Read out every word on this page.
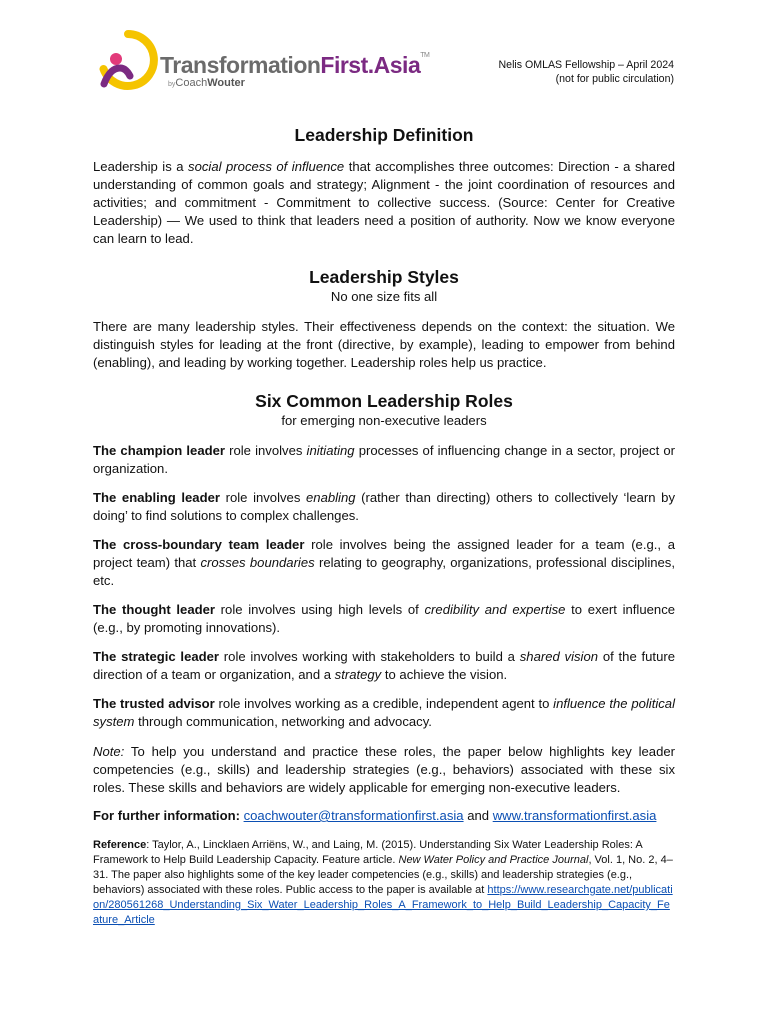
TransformationFirst.Asia™
byCoachWouter
Nelis OMLAS Fellowship – April 2024
(not for public circulation)
Leadership Definition

Leadership is a social process of influence that accomplishes three outcomes: Direction - a shared understanding of common goals and strategy; Alignment - the joint coordination of resources and activities; and commitment - Commitment to collective success. (Source: Center for Creative Leadership) — We used to think that leaders need a position of authority. Now we know everyone can learn to lead.

Leadership Styles
No one size fits all

There are many leadership styles. Their effectiveness depends on the context: the situation. We distinguish styles for leading at the front (directive, by example), leading to empower from behind (enabling), and leading by working together. Leadership roles help us practice.

Six Common Leadership Roles
for emerging non-executive leaders

The champion leader role involves initiating processes of influencing change in a sector, project or organization.

The enabling leader role involves enabling (rather than directing) others to collectively ‘learn by doing’ to find solutions to complex challenges.

The cross-boundary team leader role involves being the assigned leader for a team (e.g., a project team) that crosses boundaries relating to geography, organizations, professional disciplines, etc.

The thought leader role involves using high levels of credibility and expertise to exert influence (e.g., by promoting innovations).

The strategic leader role involves working with stakeholders to build a shared vision of the future direction of a team or organization, and a strategy to achieve the vision.

The trusted advisor role involves working as a credible, independent agent to influence the political system through communication, networking and advocacy.

Note: To help you understand and practice these roles, the paper below highlights key leader competencies (e.g., skills) and leadership strategies (e.g., behaviors) associated with these six roles. These skills and behaviors are widely applicable for emerging non-executive leaders.

For further information: coachwouter@transformationfirst.asia and www.transformationfirst.asia

Reference: Taylor, A., Lincklaen Arriëns, W., and Laing, M. (2015). Understanding Six Water Leadership Roles: A Framework to Help Build Leadership Capacity. Feature article. New Water Policy and Practice Journal, Vol. 1, No. 2, 4–31. The paper also highlights some of the key leader competencies (e.g., skills) and leadership strategies (e.g., behaviors) associated with these roles. Public access to the paper is available at https://www.researchgate.net/publication/280561268_Understanding_Six_Water_Leadership_Roles_A_Framework_to_Help_Build_Leadership_Capacity_Feature_Article
